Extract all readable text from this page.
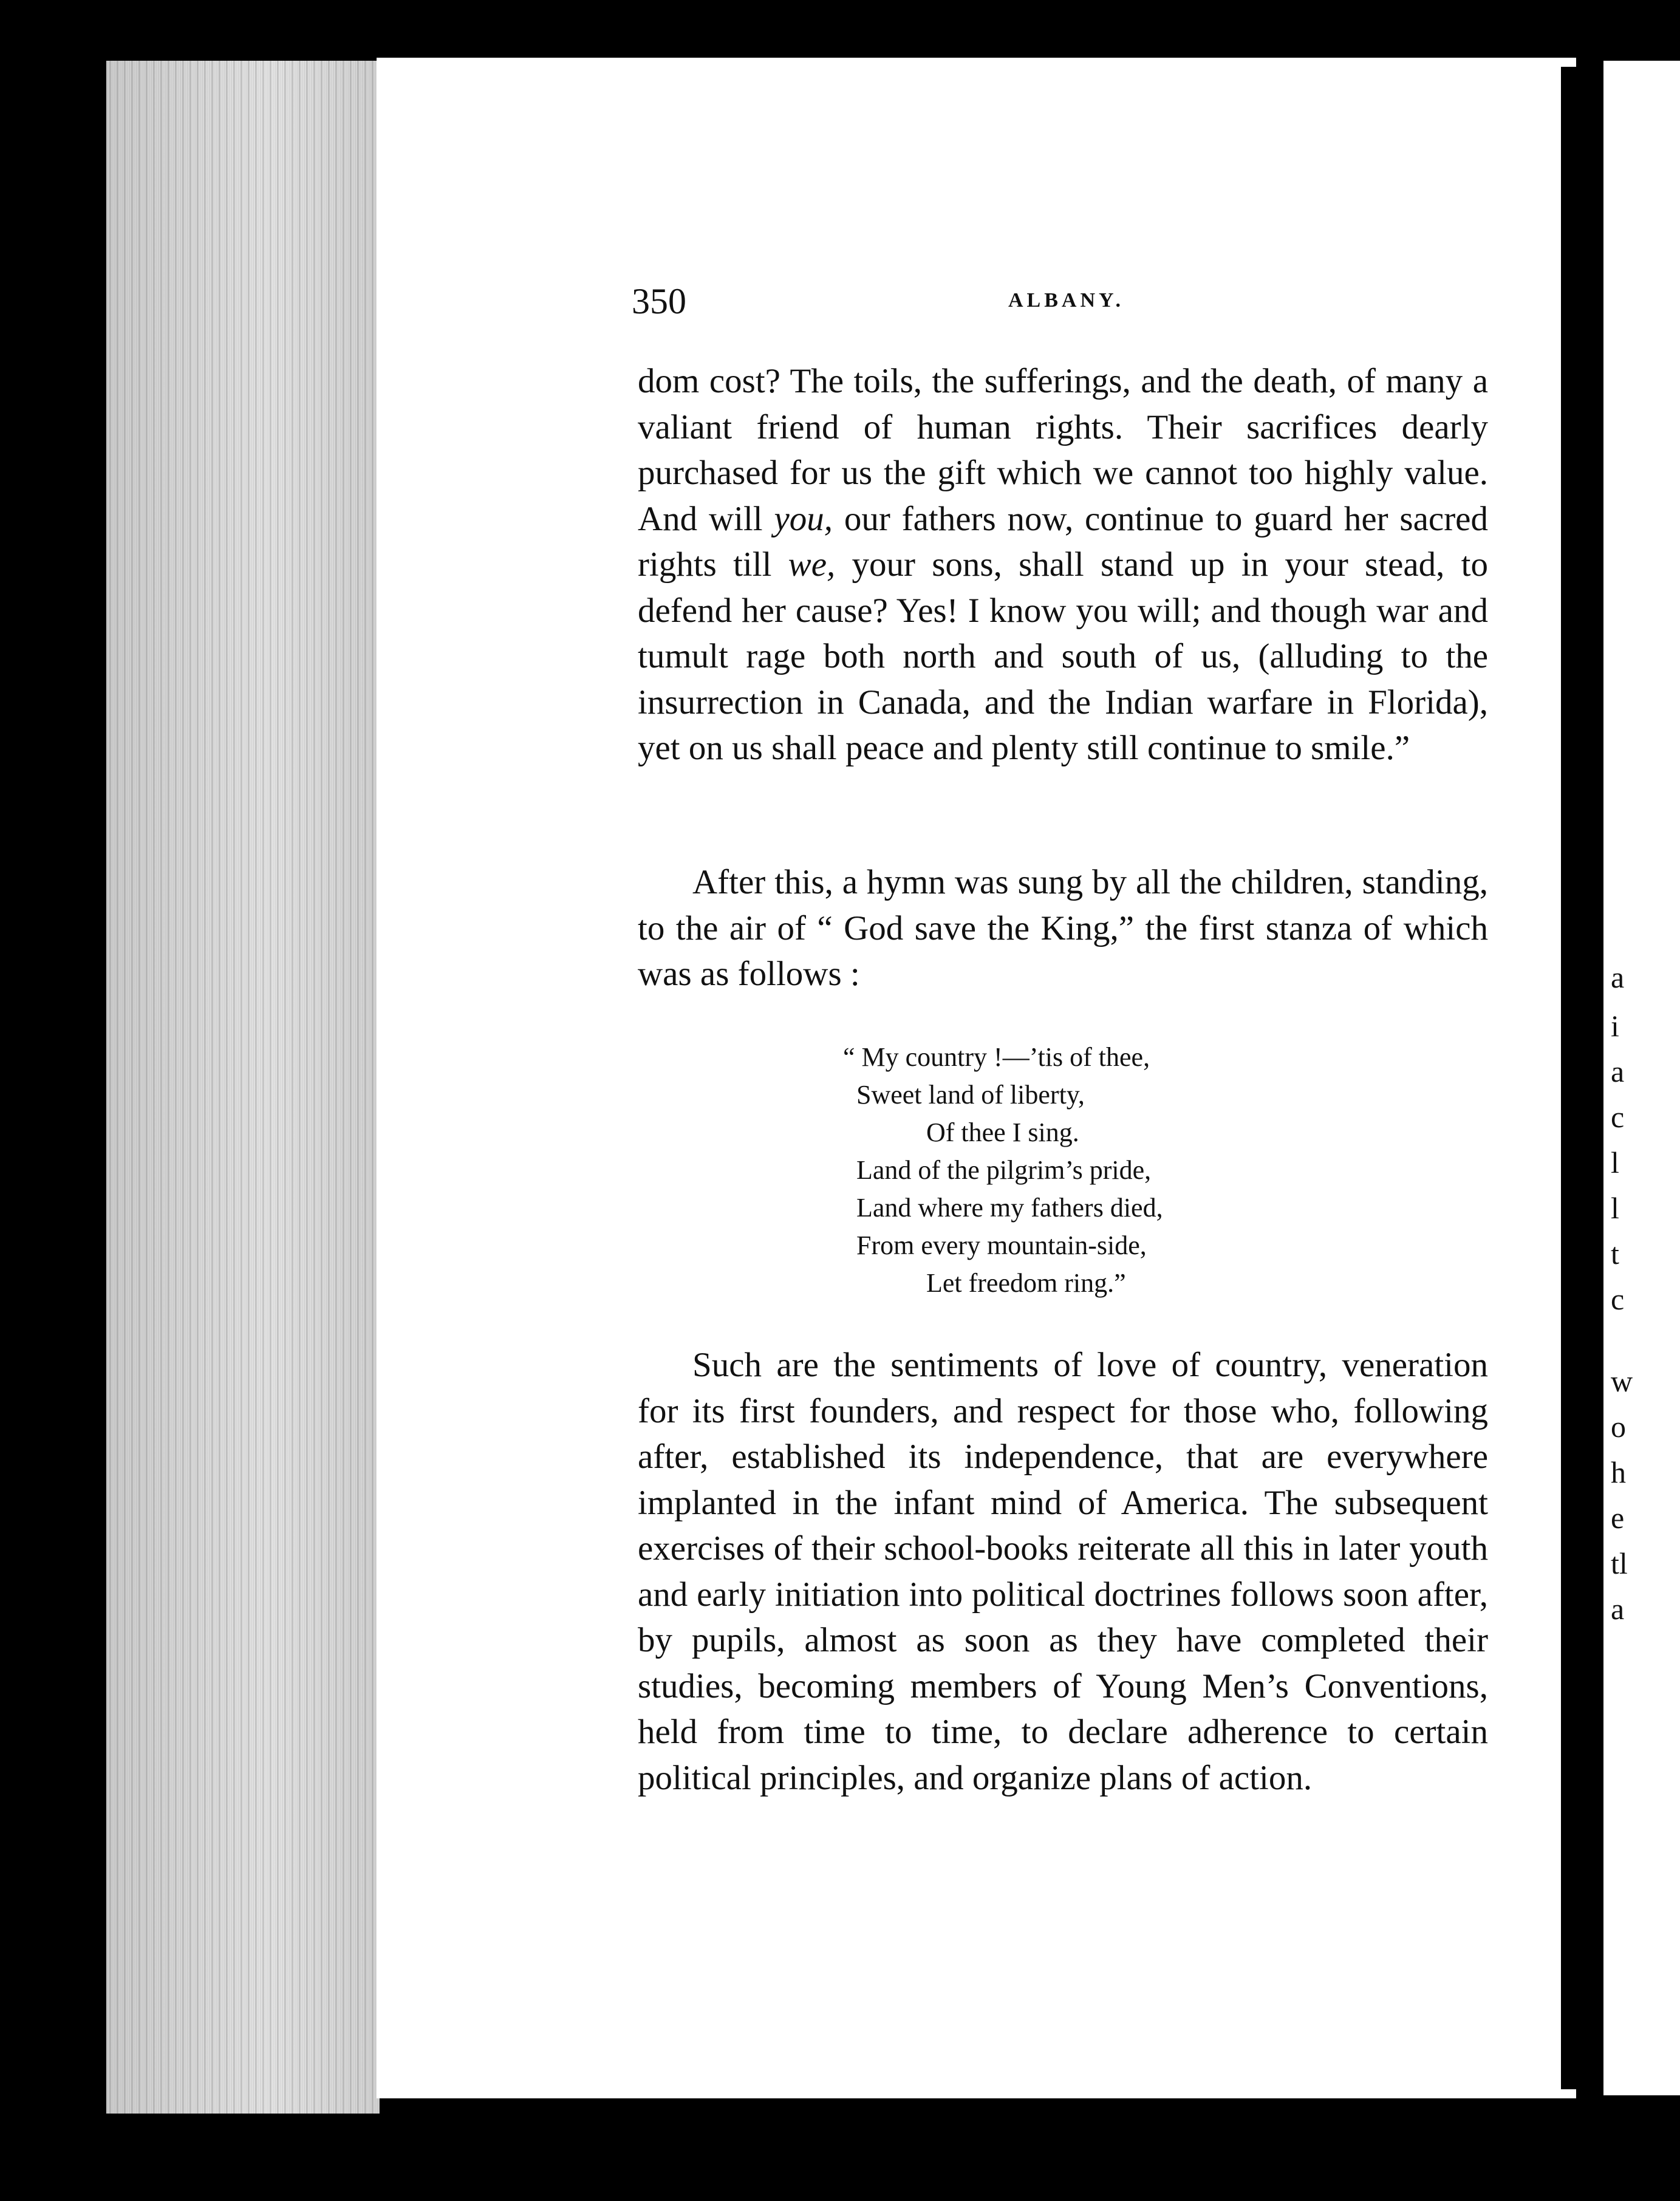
350	ALBANY.
dom cost? The toils, the sufferings, and the death, of many a valiant friend of human rights. Their sacrifices dearly purchased for us the gift which we cannot too highly value. And will you, our fathers now, continue to guard her sacred rights till we, your sons, shall stand up in your stead, to defend her cause? Yes! I know you will; and though war and tumult rage both north and south of us, (alluding to the insurrection in Canada, and the Indian warfare in Florida), yet on us shall peace and plenty still continue to smile.”
After this, a hymn was sung by all the children, standing, to the air of “ God save the King,” the first stanza of which was as follows :
“ My country !—’tis of thee,
Sweet land of liberty,
Of thee I sing.
Land of the pilgrim’s pride,
Land where my fathers died,
From every mountain-side,
Let freedom ring.”
Such are the sentiments of love of country, veneration for its first founders, and respect for those who, following after, established its independence, that are everywhere implanted in the infant mind of America. The subsequent exercises of their school-books reiterate all this in later youth and early initiation into political doctrines follows soon after, by pupils, almost as soon as they have completed their studies, becoming members of Young Men’s Conventions, held from time to time, to declare adherence to certain political principles, and organize plans of action.
a
i
a
c
l
l
t
c
w
o
h
e
tl
a
